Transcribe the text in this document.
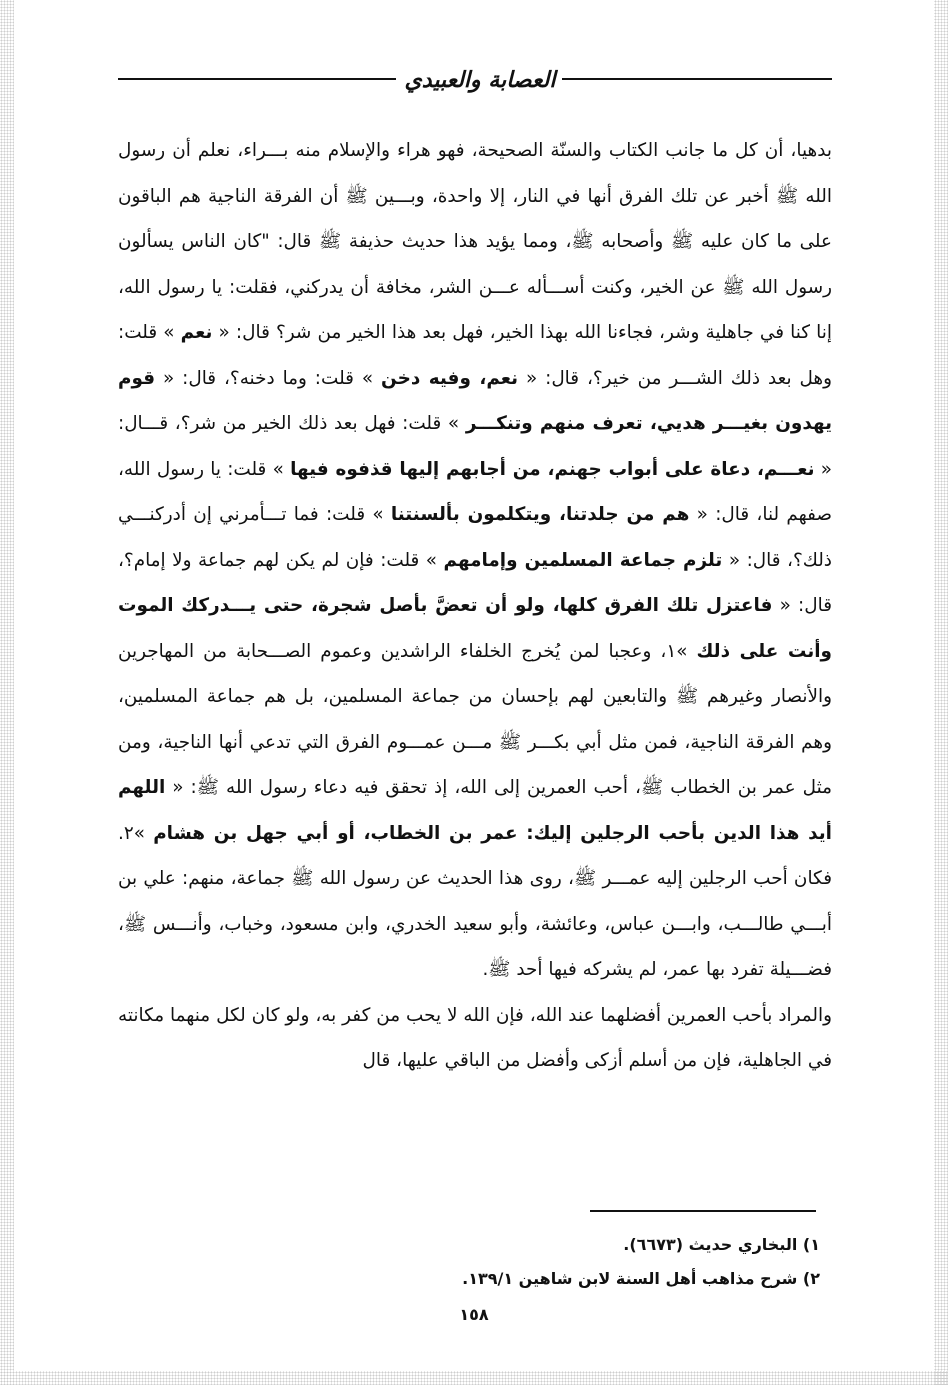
العصابة والعبيدي

بدهيا، أن كل ما جانب الكتاب والسنّة الصحيحة، فهو هراء والإسلام منه بـــراء، نعلم أن رسول الله ﷺ أخبر عن تلك الفرق أنها في النار، إلا واحدة، وبـــين ﷺ أن الفرقة الناجية هم الباقون على ما كان عليه ﷺ وأصحابه ﷺ، ومما يؤيد هذا حديث حذيفة ﷺ قال: "كان الناس يسألون رسول الله ﷺ عن الخير، وكنت أســـأله عـــن الشر، مخافة أن يدركني، فقلت: يا رسول الله، إنا كنا في جاهلية وشر، فجاءنا الله بهذا الخير، فهل بعد هذا الخير من شر؟ قال: « نعم » قلت: وهل بعد ذلك الشـــر من خير؟، قال: « نعم، وفيه دخن » قلت: وما دخنه؟، قال: « قوم يهدون بغيـــر هديي، تعرف منهم وتنكـــر » قلت: فهل بعد ذلك الخير من شر؟، قـــال: « نعـــم، دعاة على أبواب جهنم، من أجابهم إليها قذفوه فيها » قلت: يا رسول الله، صفهم لنا، قال: « هم من جلدتنا، ويتكلمون بألسنتنا » قلت: فما تـــأمرني إن أدركنـــي ذلك؟، قال: « تلزم جماعة المسلمين وإمامهم » قلت: فإن لم يكن لهم جماعة ولا إمام؟، قال: « فاعتزل تلك الفرق كلها، ولو أن تعضَّ بأصل شجرة، حتى يـــدركك الموت وأنت على ذلك »١، وعجبا لمن يُخرج الخلفاء الراشدين وعموم الصـــحابة من المهاجرين والأنصار وغيرهم ﷺ والتابعين لهم بإحسان من جماعة المسلمين، بل هم جماعة المسلمين، وهم الفرقة الناجية، فمن مثل أبي بكـــر ﷺ مـــن عمـــوم الفرق التي تدعي أنها الناجية، ومن مثل عمر بن الخطاب ﷺ، أحب العمرين إلى الله، إذ تحقق فيه دعاء رسول الله ﷺ: « اللهم أيد هذا الدين بأحب الرجلين إليك: عمر بن الخطاب، أو أبي جهل بن هشام »٢. فكان أحب الرجلين إليه عمـــر ﷺ، روى هذا الحديث عن رسول الله ﷺ جماعة، منهم: علي بن أبـــي طالـــب، وابـــن عباس، وعائشة، وأبو سعيد الخدري، وابن مسعود، وخباب، وأنـــس ﷺ، فضـــيلة تفرد بها عمر، لم يشركه فيها أحد ﷺ.

والمراد بأحب العمرين أفضلهما عند الله، فإن الله لا يحب من كفر به، ولو كان لكل منهما مكانته في الجاهلية، فإن من أسلم أزكى وأفضل من الباقي عليها، قال

١) البخاري حديث (٦٦٧٣).
٢) شرح مذاهب أهل السنة لابن شاهين ١٣٩/١.
١٥٨
